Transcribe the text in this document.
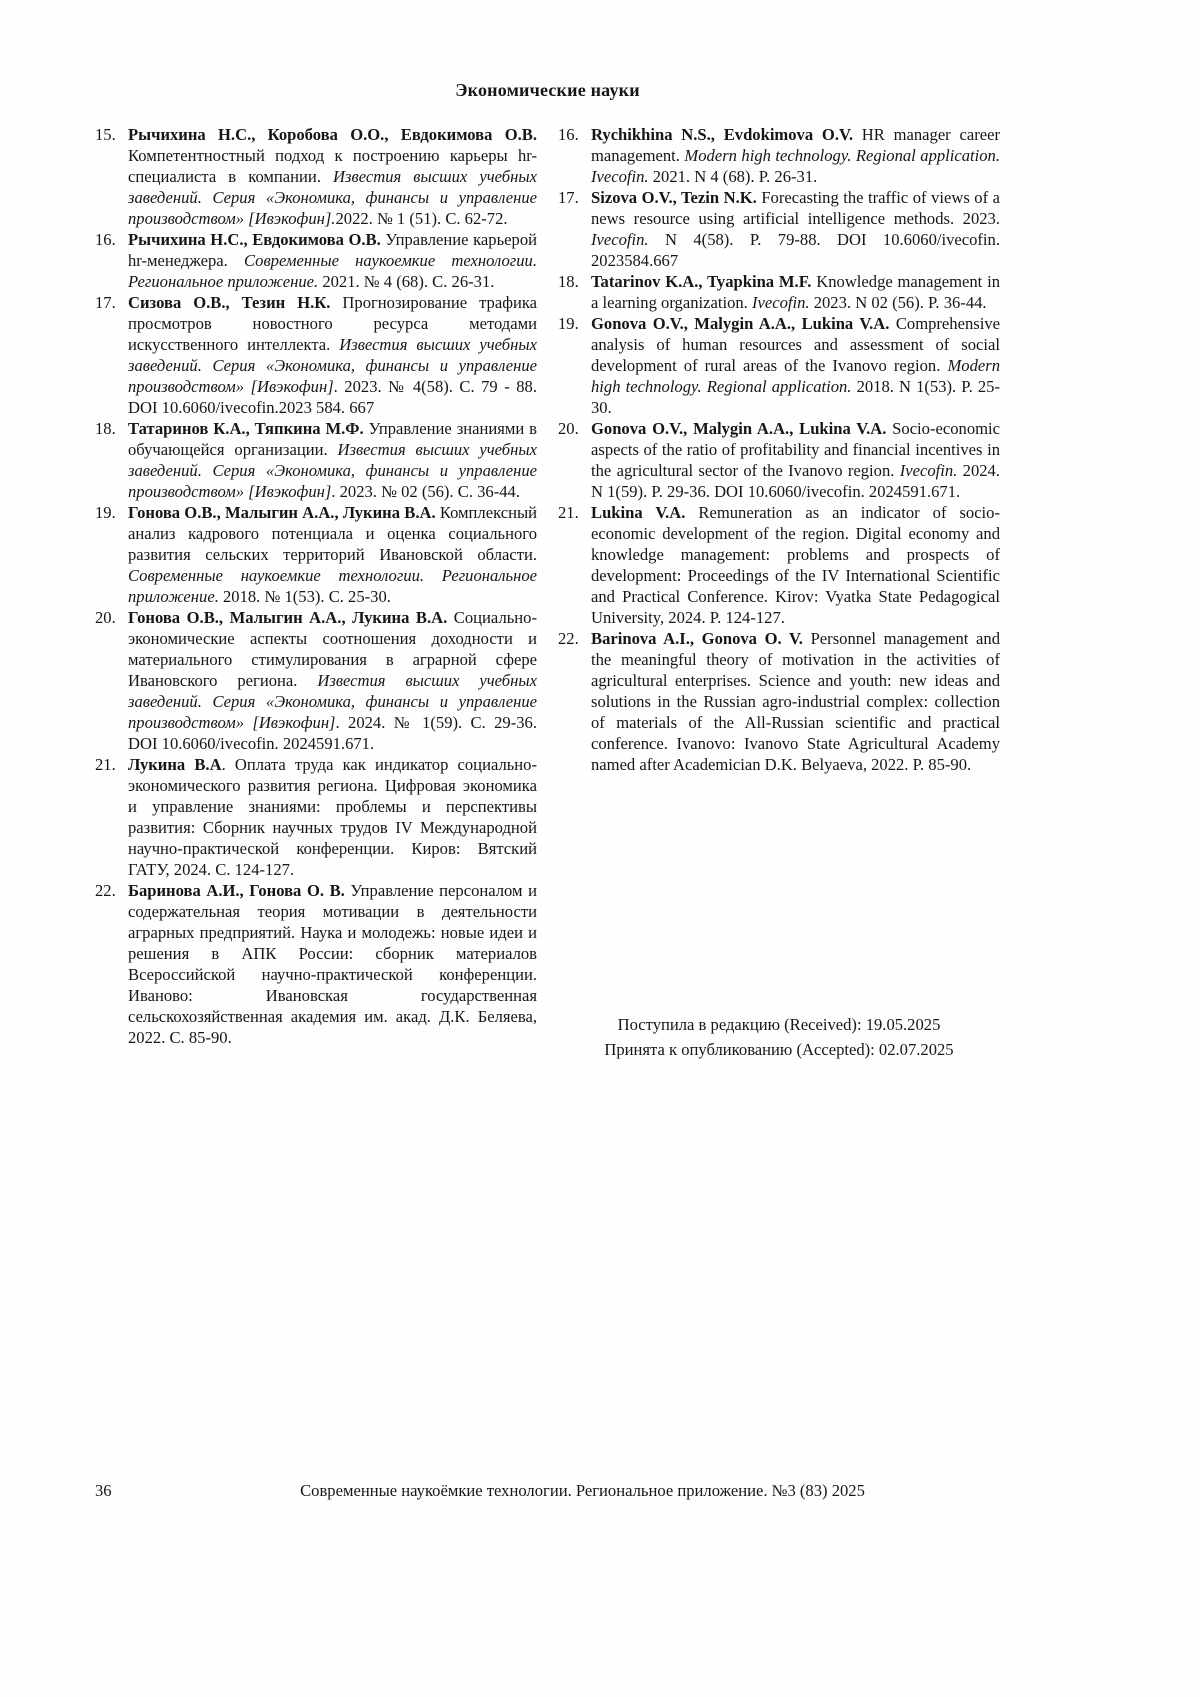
Экономические науки
15. Рычихина Н.С., Коробова О.О., Евдокимова О.В. Компетентностный подход к построению карьеры hr-специалиста в компании. Известия высших учебных заведений. Серия «Экономика, финансы и управление производством» [Ивэкофин].2022. № 1 (51). С. 62-72.
16. Рычихина Н.С., Евдокимова О.В. Управление карьерой hr-менеджера. Современные наукоемкие технологии. Региональное приложение. 2021. № 4 (68). С. 26-31.
17. Сизова О.В., Тезин Н.К. Прогнозирование трафика просмотров новостного ресурса методами искусственного интеллекта. Известия высших учебных заведений. Серия «Экономика, финансы и управление производством» [Ивэкофин]. 2023. № 4(58). С. 79 - 88. DOI 10.6060/ivecofin.2023 584. 667
18. Татаринов К.А., Тяпкина М.Ф. Управление знаниями в обучающейся организации. Известия высших учебных заведений. Серия «Экономика, финансы и управление производством» [Ивэкофин]. 2023. № 02 (56). С. 36-44.
19. Гонова О.В., Малыгин А.А., Лукина В.А. Комплексный анализ кадрового потенциала и оценка социального развития сельских территорий Ивановской области. Современные наукоемкие технологии. Региональное приложение. 2018. № 1(53). С. 25-30.
20. Гонова О.В., Малыгин А.А., Лукина В.А. Социально-экономические аспекты соотношения доходности и материального стимулирования в аграрной сфере Ивановского региона. Известия высших учебных заведений. Серия «Экономика, финансы и управление производством» [Ивэкофин]. 2024. № 1(59). С. 29-36. DOI 10.6060/ivecofin. 2024591.671.
21. Лукина В.А. Оплата труда как индикатор социально-экономического развития региона. Цифровая экономика и управление знаниями: проблемы и перспективы развития: Сборник научных трудов IV Международной научно-практической конференции. Киров: Вятский ГАТУ, 2024. С. 124-127.
22. Баринова А.И., Гонова О. В. Управление персоналом и содержательная теория мотивации в деятельности аграрных предприятий. Наука и молодежь: новые идеи и решения в АПК России: сборник материалов Всероссийской научно-практической конференции. Иваново: Ивановская государственная сельскохозяйственная академия им. акад. Д.К. Беляева, 2022. С. 85-90.
16. Rychikhina N.S., Evdokimova O.V. HR manager career management. Modern high technology. Regional application. Ivecofin. 2021. N 4 (68). P. 26-31.
17. Sizova O.V., Tezin N.K. Forecasting the traffic of views of a news resource using artificial intelligence methods. 2023. Ivecofin. N 4(58). P. 79-88. DOI 10.6060/ivecofin. 2023584.667
18. Tatarinov K.A., Tyapkina M.F. Knowledge management in a learning organization. Ivecofin. 2023. N 02 (56). P. 36-44.
19. Gonova O.V., Malygin A.A., Lukina V.A. Comprehensive analysis of human resources and assessment of social development of rural areas of the Ivanovo region. Modern high technology. Regional application. 2018. N 1(53). P. 25-30.
20. Gonova O.V., Malygin A.A., Lukina V.A. Socio-economic aspects of the ratio of profitability and financial incentives in the agricultural sector of the Ivanovo region. Ivecofin. 2024. N 1(59). P. 29-36. DOI 10.6060/ivecofin. 2024591.671.
21. Lukina V.A. Remuneration as an indicator of socio-economic development of the region. Digital economy and knowledge management: problems and prospects of development: Proceedings of the IV International Scientific and Practical Conference. Kirov: Vyatka State Pedagogical University, 2024. P. 124-127.
22. Barinova A.I., Gonova O. V. Personnel management and the meaningful theory of motivation in the activities of agricultural enterprises. Science and youth: new ideas and solutions in the Russian agro-industrial complex: collection of materials of the All-Russian scientific and practical conference. Ivanovo: Ivanovo State Agricultural Academy named after Academician D.K. Belyaeva, 2022. P. 85-90.
Поступила в редакцию (Received): 19.05.2025
Принята к опубликованию (Accepted): 02.07.2025
36	Современные наукоёмкие технологии. Региональное приложение. №3 (83) 2025
